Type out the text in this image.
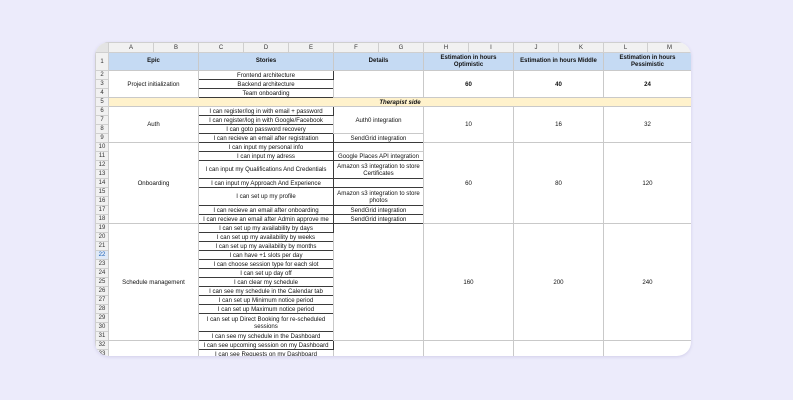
	A	B	C	D	E	F	G	H	I	J	K	L	M
1	Epic		Stories			Details		Estimation in hours Optimistic		Estimation in hours Middle		Estimation in hours Pessimistic	
2	Project initialization		Frontend architecture					60		40		24	
3			Backend architecture										
4			Team onboarding										
5	Therapist side												
6	Auth		I can register/log in with email + password			Auth0 integration		10		16		32	
7			I can register/log in with Google/Facebook										
8			I can goto password recovery										
9			I can recieve an email after registration			SendGrid integration							
10	Onboarding		I can input my personal info					60		80		120	
11			I can input my adress			Google Places API integration							
12			I can input my Qualifications And Credentials			Amazon s3 integration to store Certificates							
13													
14			I can input my Approach And Experience										
15			I can set up my profile			Amazon s3 integration to store photos							
16													
17			I can recieve an email after onboarding			SendGrid integration							
18			I can recieve an email after Admin approve me			SendGrid integration							
19	Schedule management		I can set up my availability by days					160		200		240	
20			I can set up my availability by weeks										
21			I can set up my availability by months										
22			I can have +1 slots per day										
23			I can choose session type for each slot										
24			I can set up day off										
25			I can clear my schedule										
26			I can see my schedule in the Calendar tab										
27			I can set up Minimum notice period										
28			I can set up Maximum notice period										
29			I can set up Direct Booking for re-scheduled sessions										
30													
31			I can see my schedule in the Dashboard										
32			I can see upcoming session on my Dashboard										
33			I can see Requests on my Dashboard										
